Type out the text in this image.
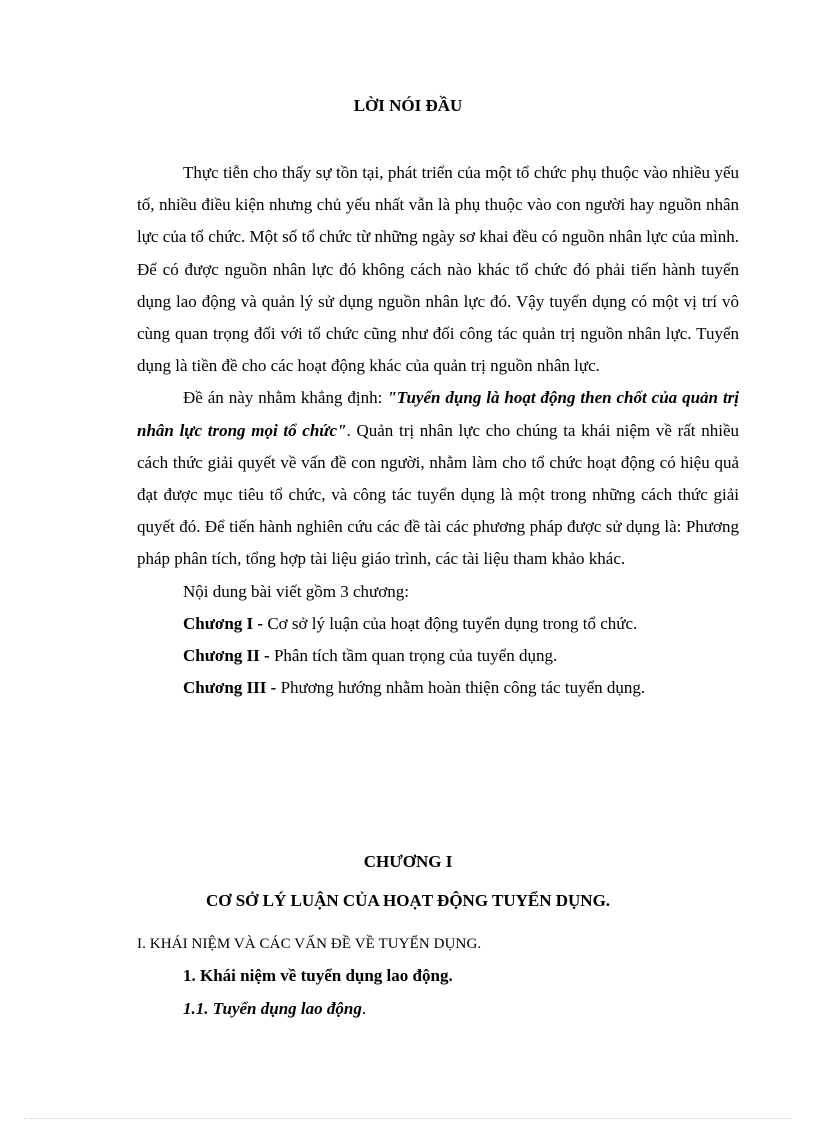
LỜI NÓI ĐẦU

Thực tiễn cho thấy sự tồn tại, phát triển của một tổ chức phụ thuộc vào nhiều yếu tố, nhiều điều kiện nhưng chủ yếu nhất vẫn là phụ thuộc vào con người hay nguồn nhân lực của tổ chức. Một số tổ chức từ những ngày sơ khai đều có nguồn nhân lực của mình. Để có được nguồn nhân lực đó không cách nào khác tổ chức đó phải tiến hành tuyển dụng lao động và quản lý sử dụng nguồn nhân lực đó. Vậy tuyển dụng có một vị trí vô cùng quan trọng đối với tổ chức cũng như đối công tác quản trị nguồn nhân lực. Tuyển dụng là tiền đề cho các hoạt động khác của quản trị nguồn nhân lực.

Đề án này nhằm khẳng định: "Tuyển dụng là hoạt động then chốt của quản trị nhân lực trong mọi tổ chức". Quản trị nhân lực cho chúng ta khái niệm về rất nhiều cách thức giải quyết về vấn đề con người, nhằm làm cho tổ chức hoạt động có hiệu quả đạt được mục tiêu tổ chức, và công tác tuyển dụng là một trong những cách thức giải quyết đó. Để tiến hành nghiên cứu các đề tài các phương pháp được sử dụng là: Phương pháp phân tích, tổng hợp tài liệu giáo trình, các tài liệu tham khảo khác.

Nội dung bài viết gồm 3 chương:

Chương I - Cơ sở lý luận của hoạt động tuyển dụng trong tổ chức.

Chương II - Phân tích tầm quan trọng của tuyển dụng.

Chương III - Phương hướng nhằm hoàn thiện công tác tuyển dụng.

CHƯƠNG I
CƠ SỞ LÝ LUẬN CỦA HOẠT ĐỘNG TUYỂN DỤNG.
I. KHÁI NIỆM VÀ CÁC VẤN ĐỀ VỀ TUYỂN DỤNG.
1. Khái niệm về tuyển dụng lao động.
1.1. Tuyển dụng lao động.
